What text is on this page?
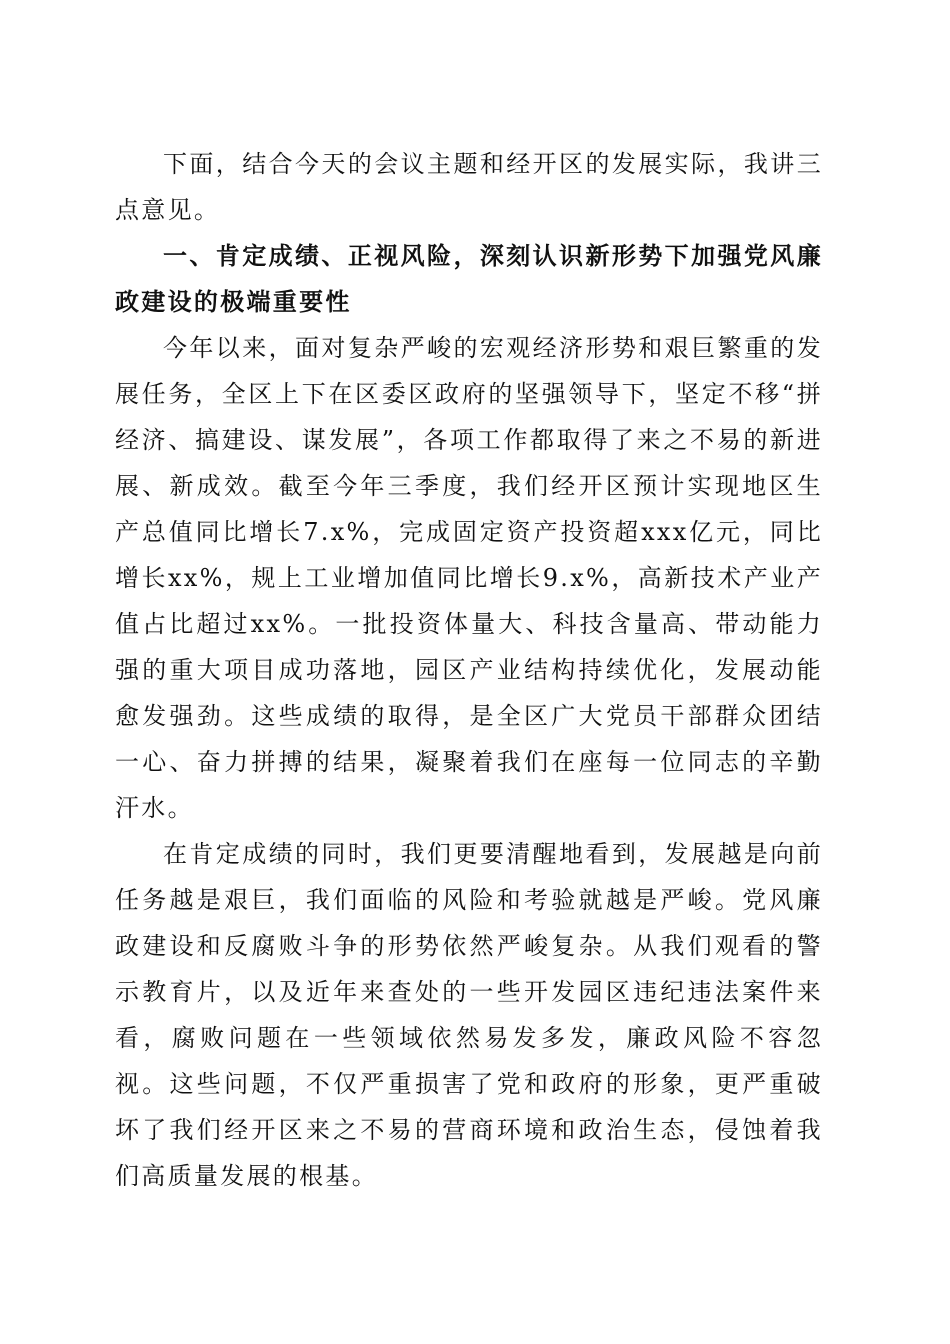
下面，结合今天的会议主题和经开区的发展实际，我讲三点意见。

一、肯定成绩、正视风险，深刻认识新形势下加强党风廉政建设的极端重要性

今年以来，面对复杂严峻的宏观经济形势和艰巨繁重的发展任务，全区上下在区委区政府的坚强领导下，坚定不移“拼经济、搞建设、谋发展”，各项工作都取得了来之不易的新进展、新成效。截至今年三季度，我们经开区预计实现地区生产总值同比增长7.x%，完成固定资产投资超xxx亿元，同比增长xx%，规上工业增加值同比增长9.x%，高新技术产业产值占比超过xx%。一批投资体量大、科技含量高、带动能力强的重大项目成功落地，园区产业结构持续优化，发展动能愈发强劲。这些成绩的取得，是全区广大党员干部群众团结一心、奋力拼搏的结果，凝聚着我们在座每一位同志的辛勤汗水。

在肯定成绩的同时，我们更要清醒地看到，发展越是向前任务越是艰巨，我们面临的风险和考验就越是严峻。党风廉政建设和反腐败斗争的形势依然严峻复杂。从我们观看的警示教育片，以及近年来查处的一些开发园区违纪违法案件来看，腐败问题在一些领域依然易发多发，廉政风险不容忽视。这些问题，不仅严重损害了党和政府的形象，更严重破坏了我们经开区来之不易的营商环境和政治生态，侵蚀着我们高质量发展的根基。
